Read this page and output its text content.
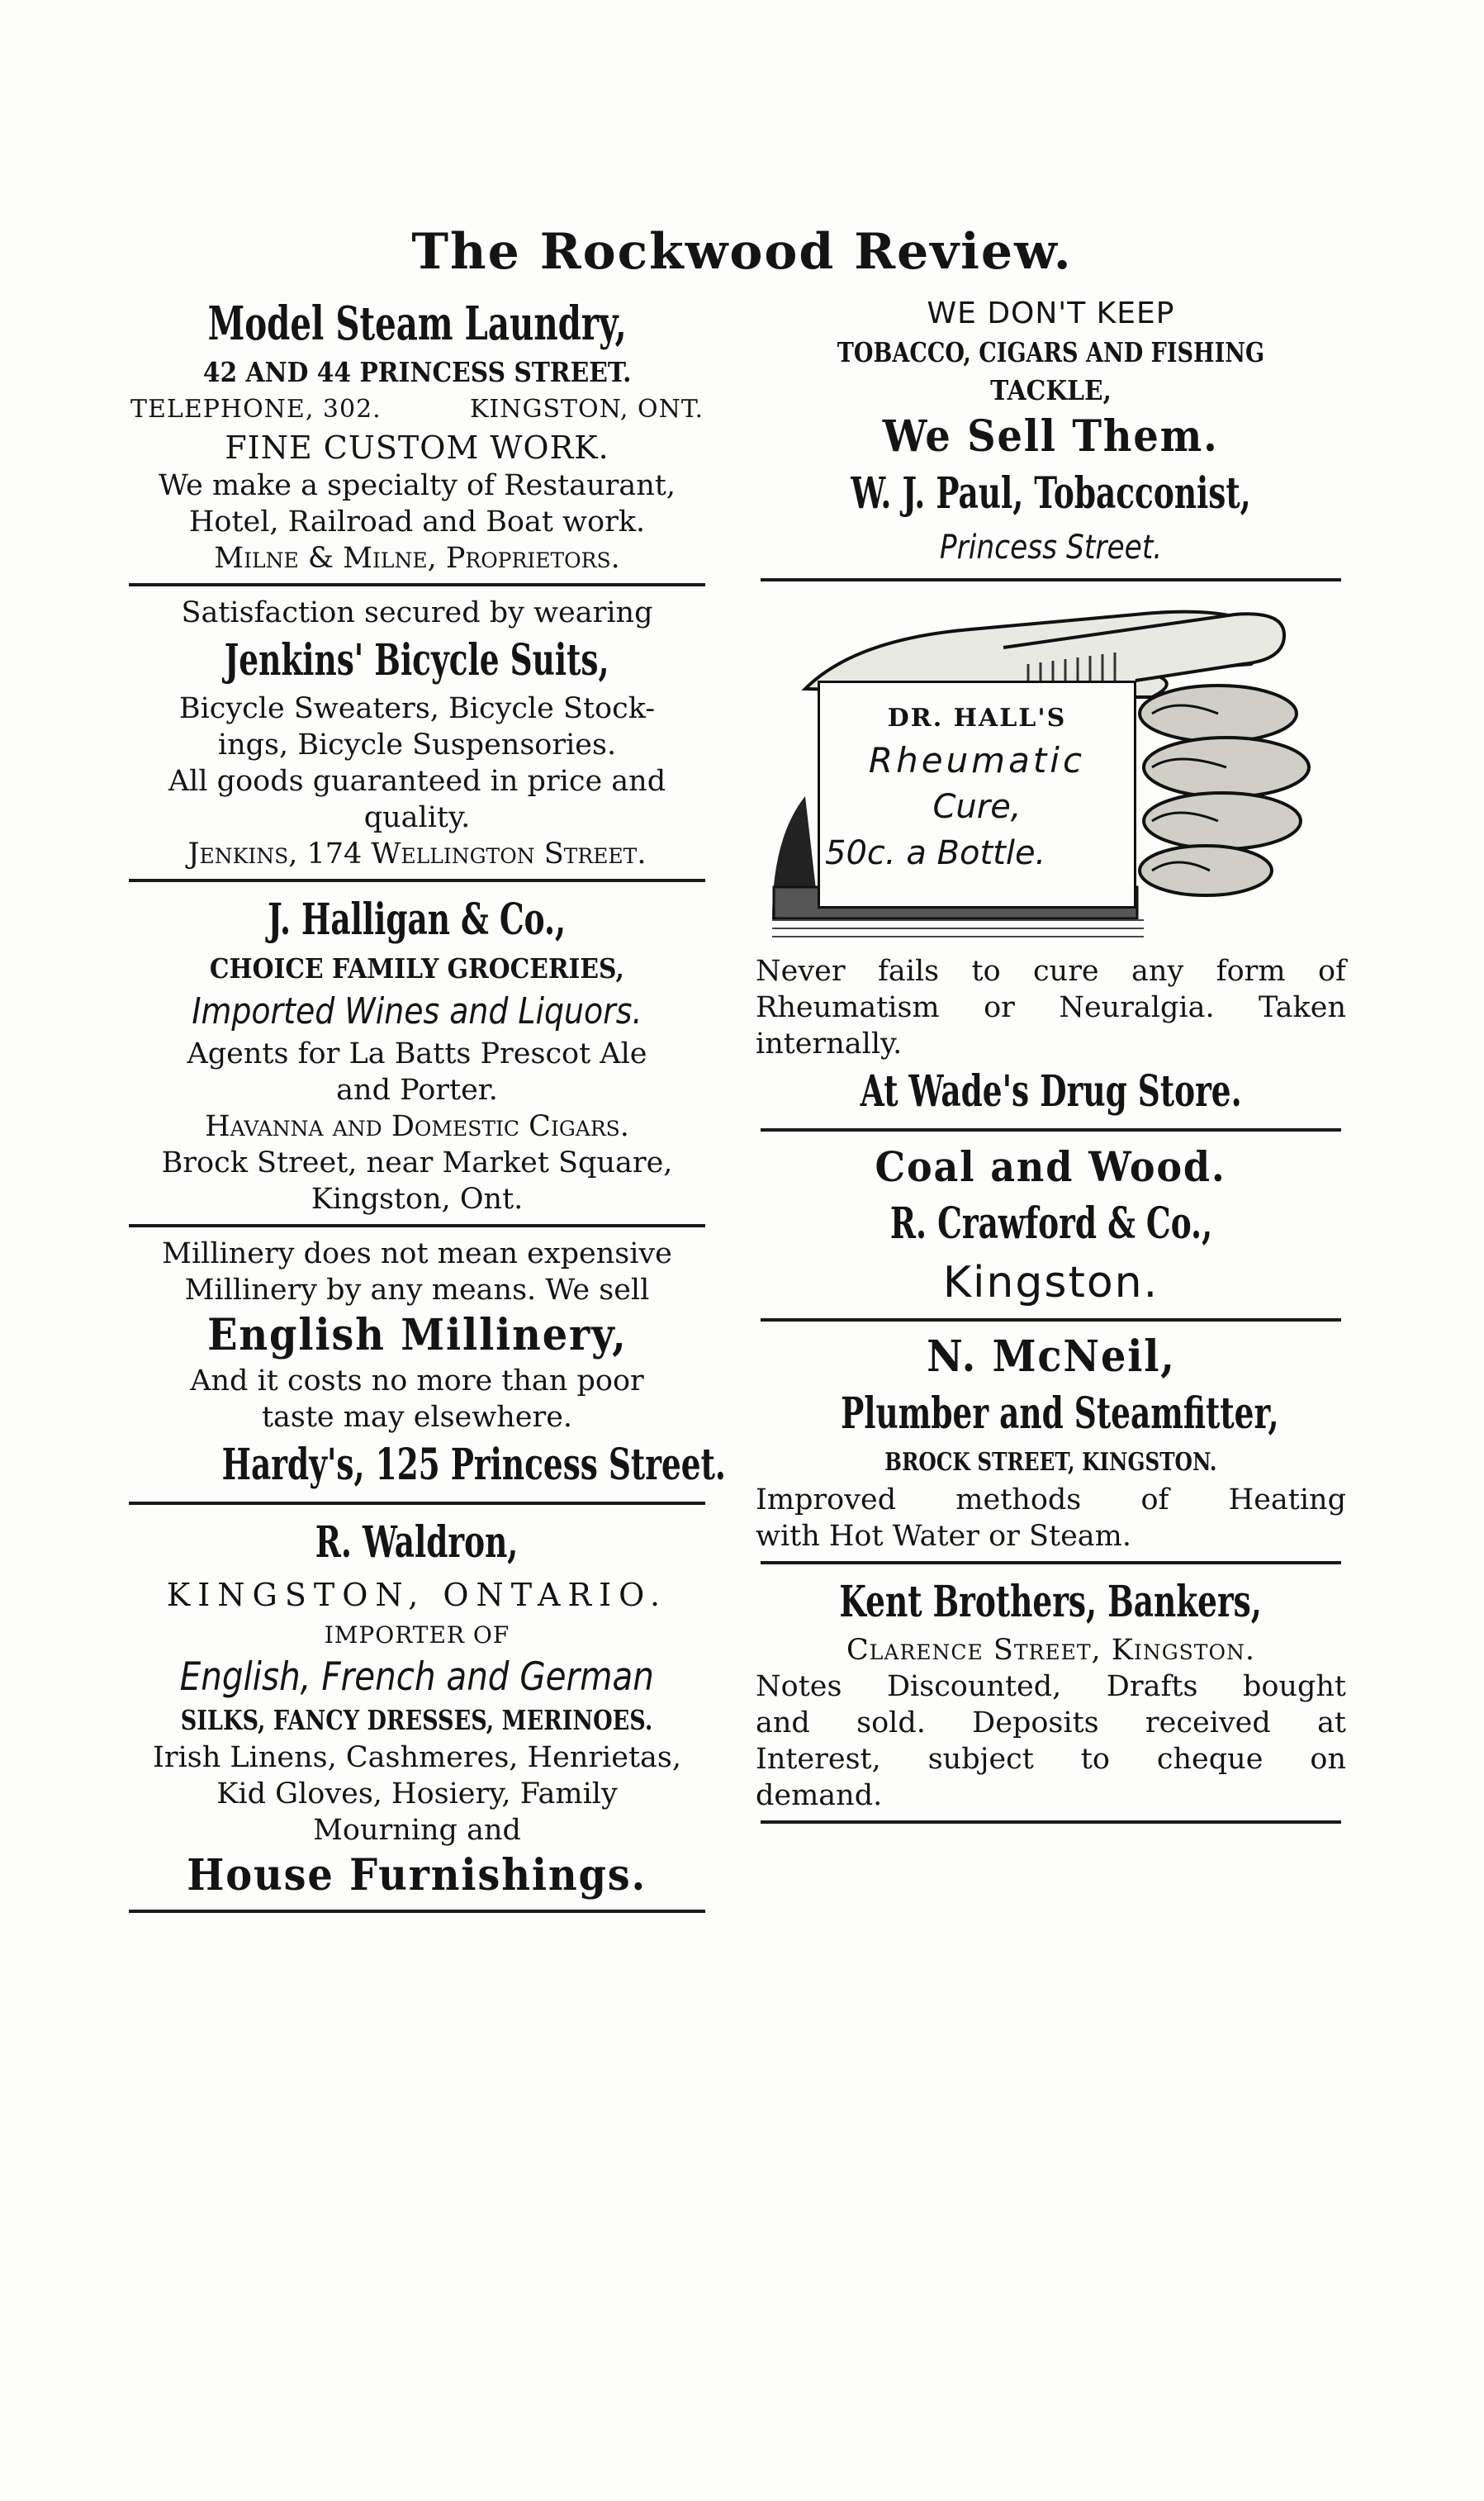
The Rockwood Review.
Model Steam Laundry,
42 AND 44 PRINCESS STREET.
TELEPHONE, 302.	KINGSTON, ONT.
FINE CUSTOM WORK.
We make a specialty of Restaurant,
Hotel, Railroad and Boat work.
Milne & Milne, Proprietors.
Satisfaction secured by wearing
Jenkins' Bicycle Suits,
Bicycle Sweaters, Bicycle Stock-
ings, Bicycle Suspensories.
All goods guaranteed in price and
quality.
Jenkins, 174 Wellington Street.
J. Halligan & Co.,
CHOICE FAMILY GROCERIES,
Imported Wines and Liquors.
Agents for La Batts Prescot Ale
and Porter.
Havanna and Domestic Cigars.
Brock Street, near Market Square,
Kingston, Ont.
Millinery does not mean expensive
Millinery by any means. We sell
English Millinery,
And it costs no more than poor
taste may elsewhere.
Hardy's, 125 Princess Street.
R. Waldron,
KINGSTON, ONTARIO.
IMPORTER OF
English, French and German
SILKS, FANCY DRESSES, MERINOES.
Irish Linens, Cashmeres, Henrietas,
Kid Gloves, Hosiery, Family
Mourning and
House Furnishings.
WE DON'T KEEP
TOBACCO, CIGARS AND FISHING
TACKLE,
We Sell Them.
W. J. Paul, Tobacconist,
Princess Street.
DR. HALL'S
Rheumatic
Cure,
50c. a Bottle.
Never fails to cure any form of
Rheumatism or Neuralgia. Taken
internally.
At Wade's Drug Store.
Coal and Wood.
R. Crawford & Co.,
Kingston.
N. McNeil,
Plumber and Steamfitter,
BROCK STREET, KINGSTON.
Improved methods of Heating
with Hot Water or Steam.
Kent Brothers, Bankers,
Clarence Street, Kingston.
Notes Discounted, Drafts bought
and sold. Deposits received at
Interest, subject to cheque on
demand.
